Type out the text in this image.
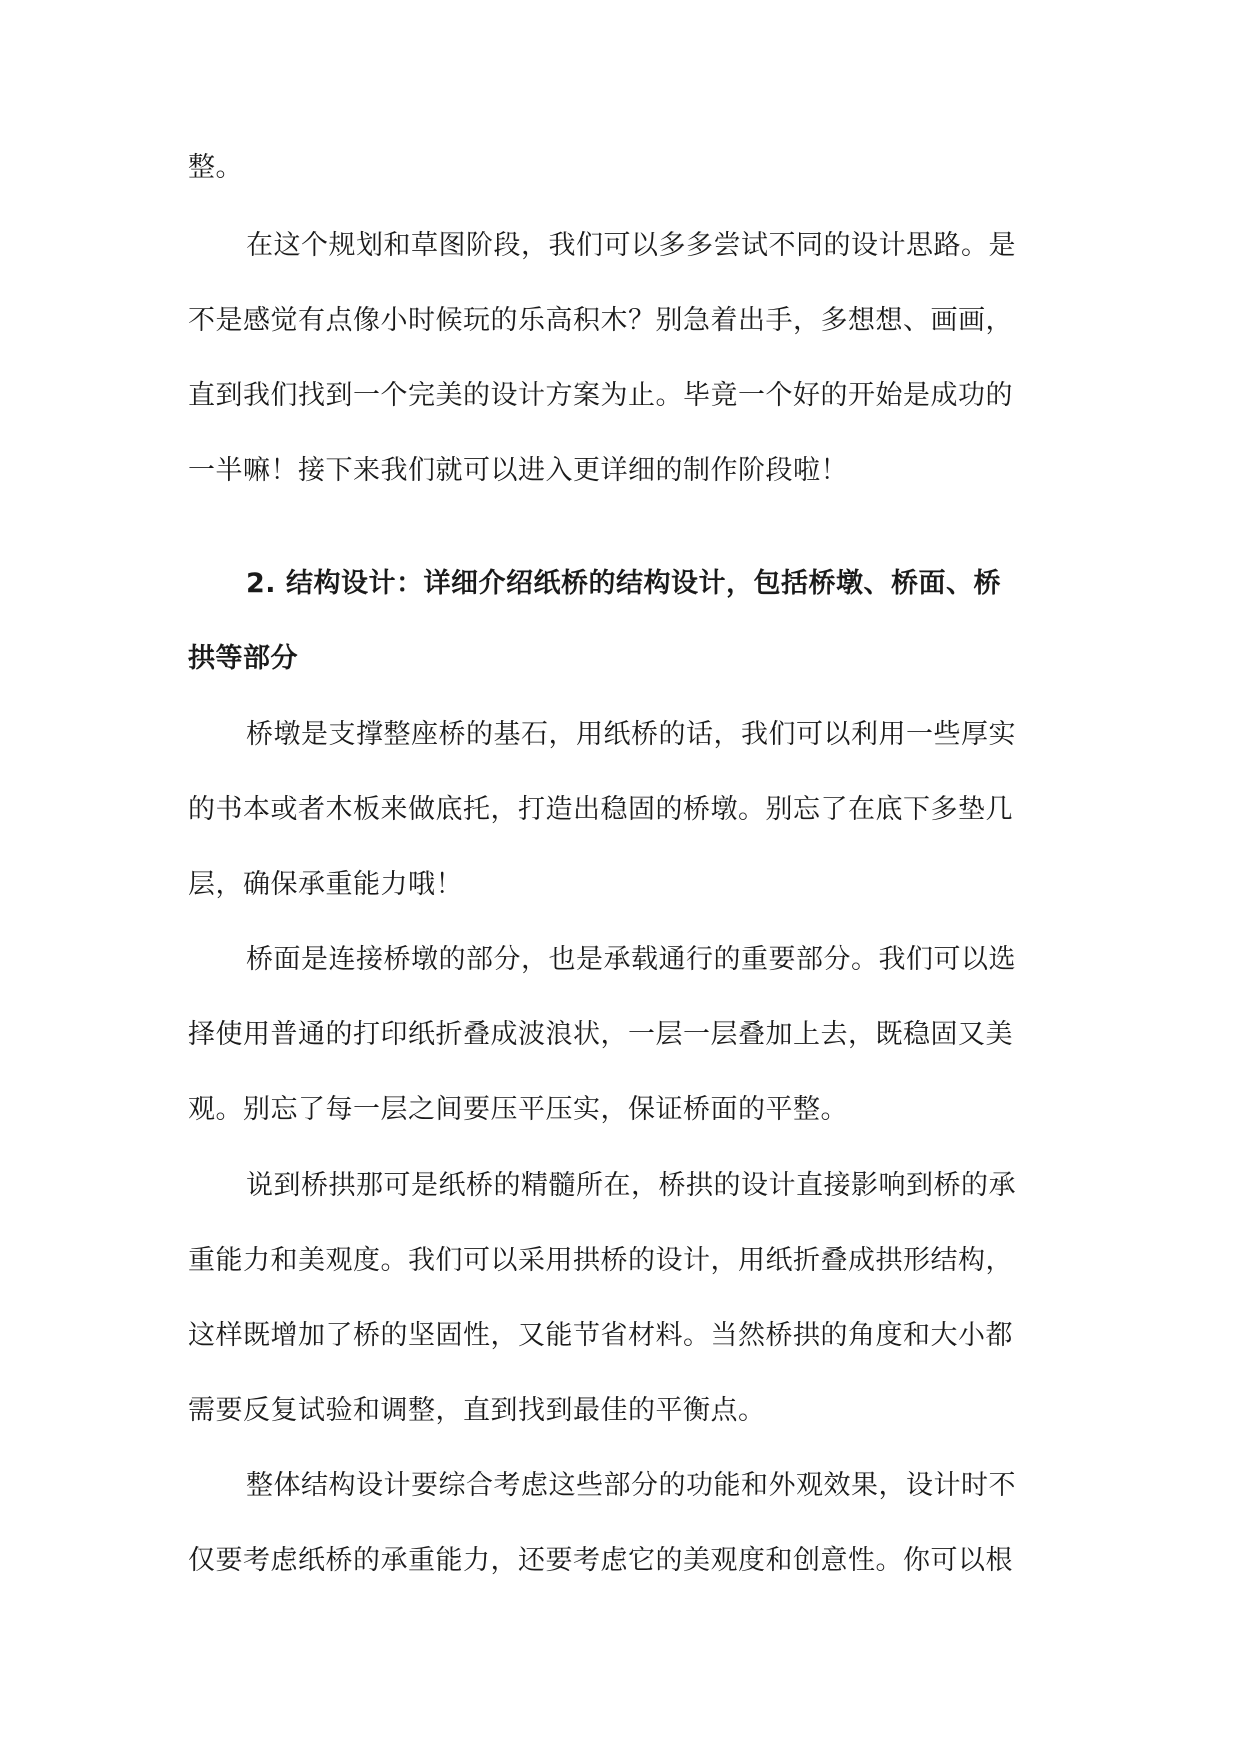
整。
在这个规划和草图阶段，我们可以多多尝试不同的设计思路。是
不是感觉有点像小时候玩的乐高积木？别急着出手，多想想、画画，
直到我们找到一个完美的设计方案为止。毕竟一个好的开始是成功的
一半嘛！接下来我们就可以进入更详细的制作阶段啦！
2. 结构设计：详细介绍纸桥的结构设计，包括桥墩、桥面、桥
拱等部分
桥墩是支撑整座桥的基石，用纸桥的话，我们可以利用一些厚实
的书本或者木板来做底托，打造出稳固的桥墩。别忘了在底下多垫几
层，确保承重能力哦！
桥面是连接桥墩的部分，也是承载通行的重要部分。我们可以选
择使用普通的打印纸折叠成波浪状，一层一层叠加上去，既稳固又美
观。别忘了每一层之间要压平压实，保证桥面的平整。
说到桥拱那可是纸桥的精髓所在，桥拱的设计直接影响到桥的承
重能力和美观度。我们可以采用拱桥的设计，用纸折叠成拱形结构，
这样既增加了桥的坚固性，又能节省材料。当然桥拱的角度和大小都
需要反复试验和调整，直到找到最佳的平衡点。
整体结构设计要综合考虑这些部分的功能和外观效果，设计时不
仅要考虑纸桥的承重能力，还要考虑它的美观度和创意性。你可以根
